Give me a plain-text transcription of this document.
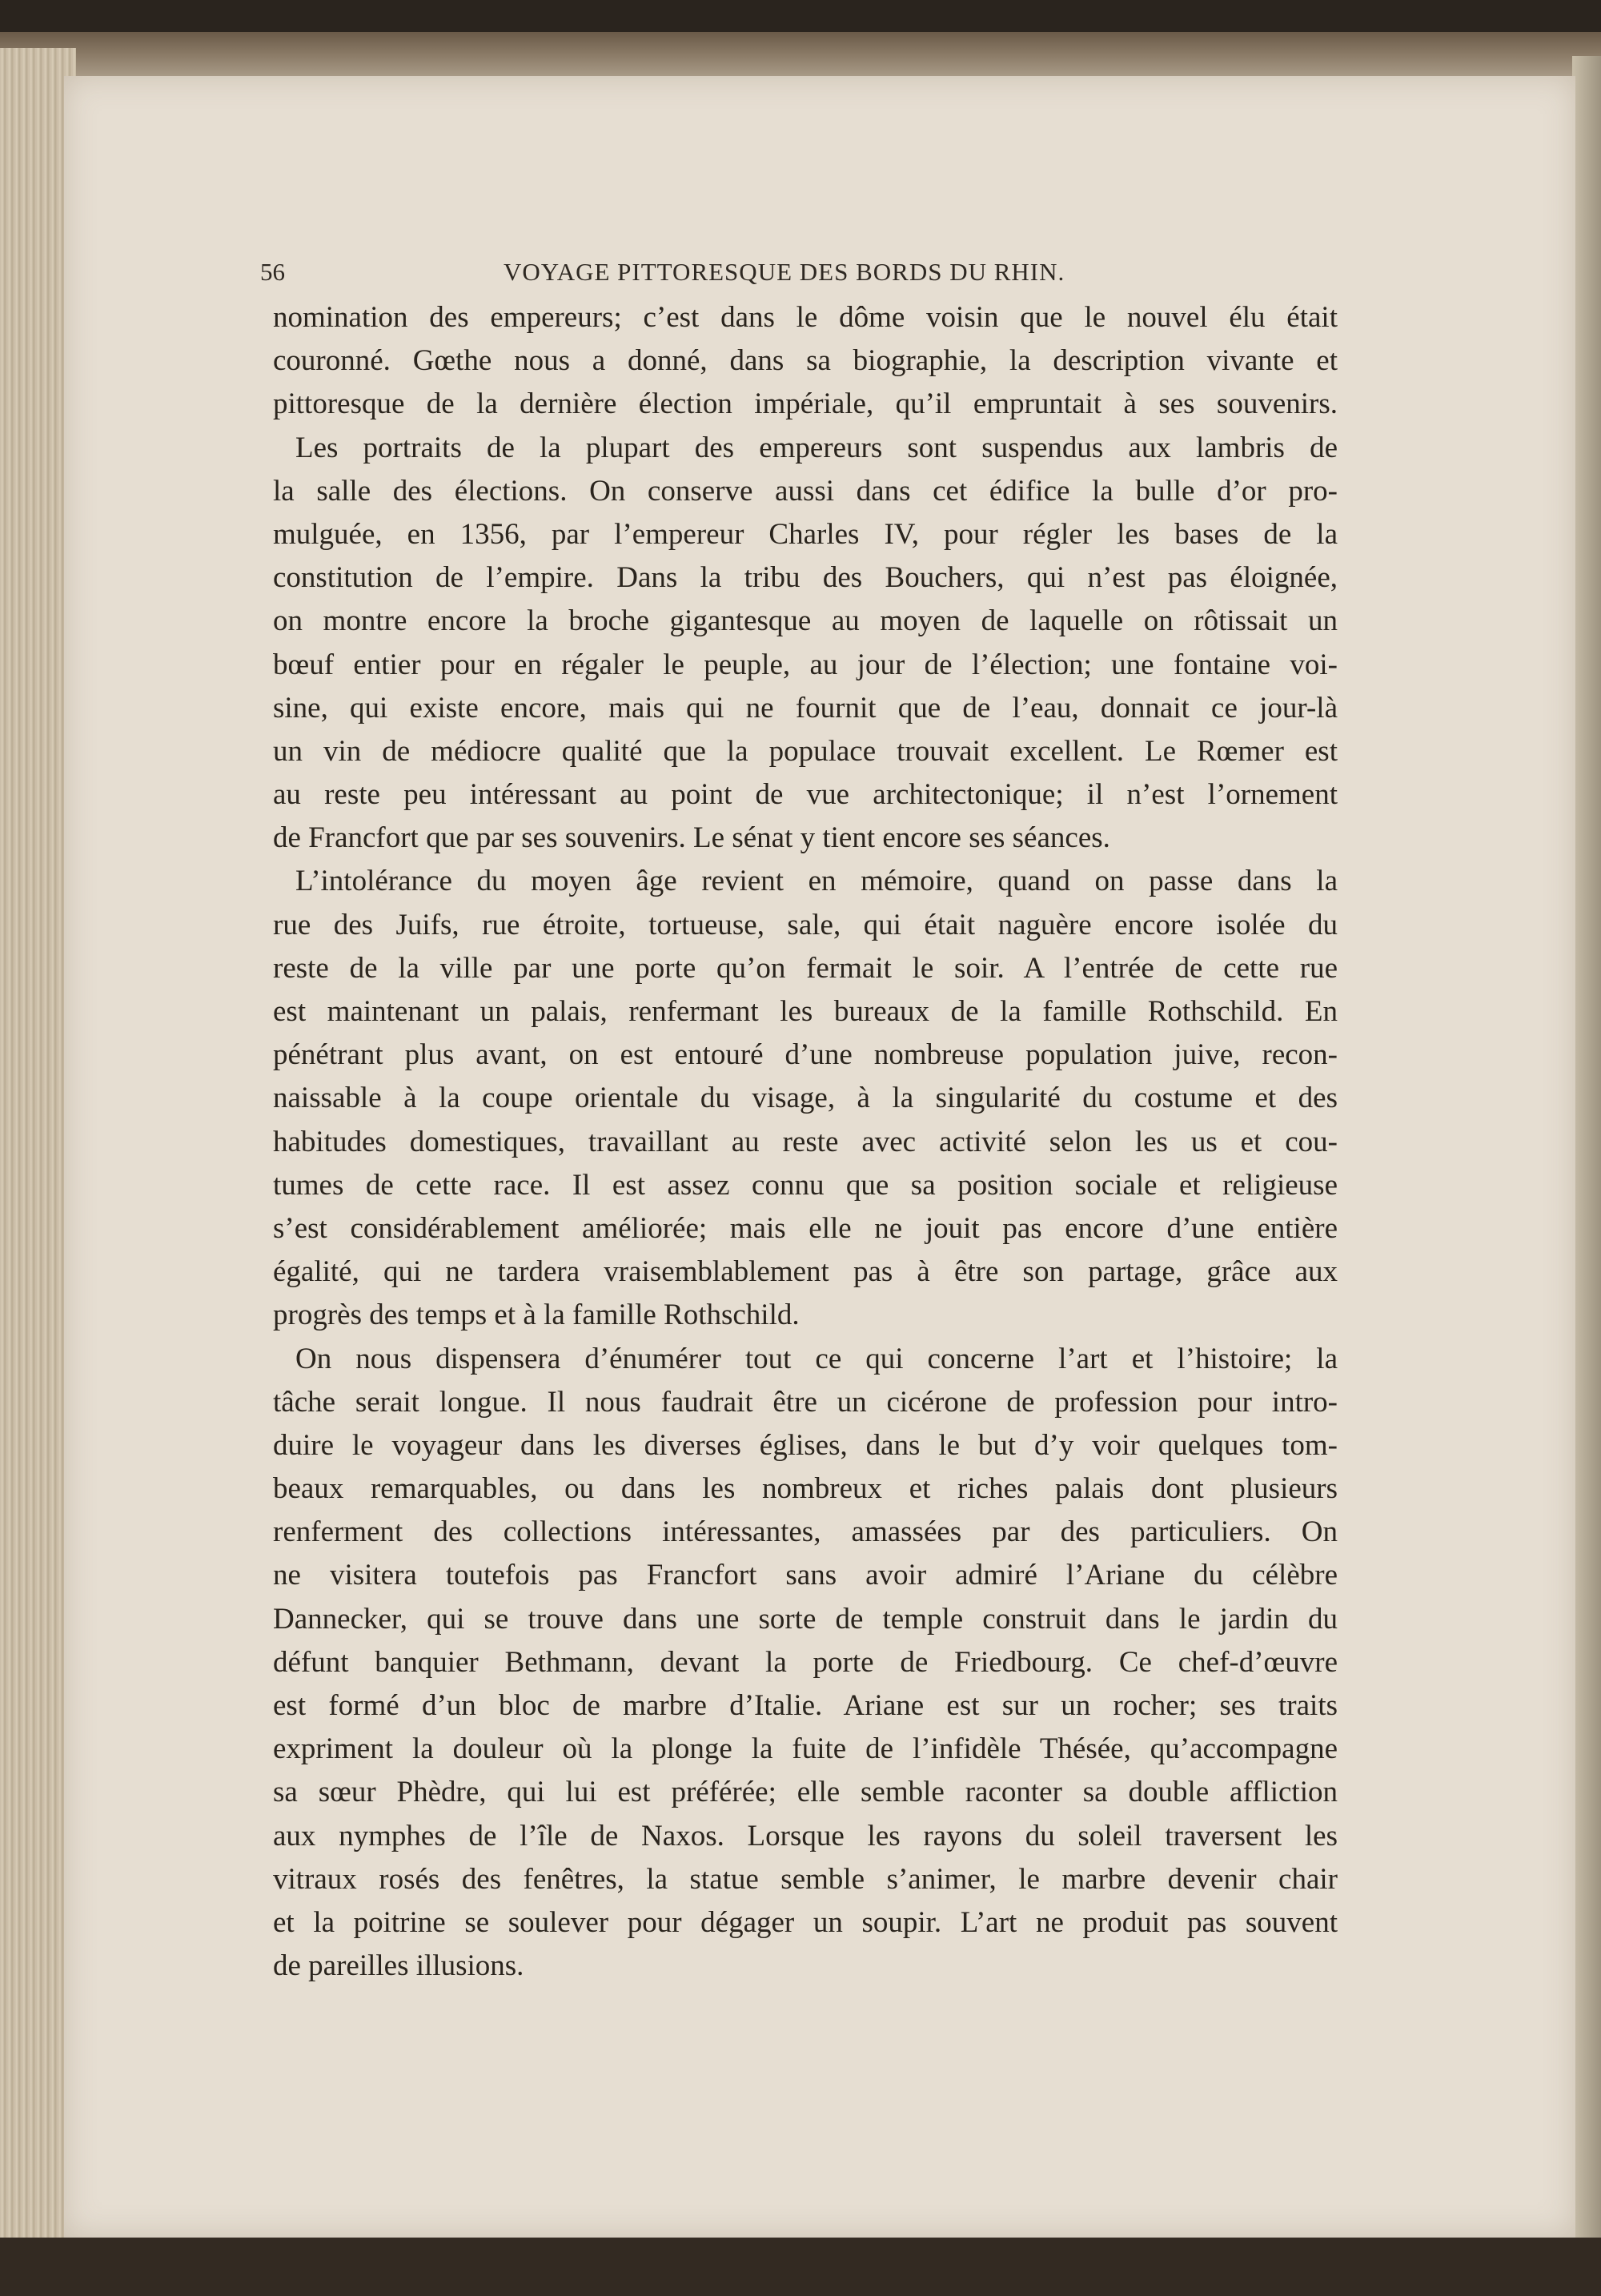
56	VOYAGE PITTORESQUE DES BORDS DU RHIN.
nomination des empereurs; c’est dans le dôme voisin que le nouvel élu était
couronné. Gœthe nous a donné, dans sa biographie, la description vivante et
pittoresque de la dernière élection impériale, qu’il empruntait à ses souvenirs.
Les portraits de la plupart des empereurs sont suspendus aux lambris de
la salle des élections. On conserve aussi dans cet édifice la bulle d’or pro-
mulguée, en 1356, par l’empereur Charles IV, pour régler les bases de la
constitution de l’empire. Dans la tribu des Bouchers, qui n’est pas éloignée,
on montre encore la broche gigantesque au moyen de laquelle on rôtissait un
bœuf entier pour en régaler le peuple, au jour de l’élection; une fontaine voi-
sine, qui existe encore, mais qui ne fournit que de l’eau, donnait ce jour-là
un vin de médiocre qualité que la populace trouvait excellent. Le Rœmer est
au reste peu intéressant au point de vue architectonique; il n’est l’ornement
de Francfort que par ses souvenirs. Le sénat y tient encore ses séances.
L’intolérance du moyen âge revient en mémoire, quand on passe dans la
rue des Juifs, rue étroite, tortueuse, sale, qui était naguère encore isolée du
reste de la ville par une porte qu’on fermait le soir. A l’entrée de cette rue
est maintenant un palais, renfermant les bureaux de la famille Rothschild. En
pénétrant plus avant, on est entouré d’une nombreuse population juive, recon-
naissable à la coupe orientale du visage, à la singularité du costume et des
habitudes domestiques, travaillant au reste avec activité selon les us et cou-
tumes de cette race. Il est assez connu que sa position sociale et religieuse
s’est considérablement améliorée; mais elle ne jouit pas encore d’une entière
égalité, qui ne tardera vraisemblablement pas à être son partage, grâce aux
progrès des temps et à la famille Rothschild.
On nous dispensera d’énumérer tout ce qui concerne l’art et l’histoire; la
tâche serait longue. Il nous faudrait être un cicérone de profession pour intro-
duire le voyageur dans les diverses églises, dans le but d’y voir quelques tom-
beaux remarquables, ou dans les nombreux et riches palais dont plusieurs
renferment des collections intéressantes, amassées par des particuliers. On
ne visitera toutefois pas Francfort sans avoir admiré l’Ariane du célèbre
Dannecker, qui se trouve dans une sorte de temple construit dans le jardin du
défunt banquier Bethmann, devant la porte de Friedbourg. Ce chef-d’œuvre
est formé d’un bloc de marbre d’Italie. Ariane est sur un rocher; ses traits
expriment la douleur où la plonge la fuite de l’infidèle Thésée, qu’accompagne
sa sœur Phèdre, qui lui est préférée; elle semble raconter sa double affliction
aux nymphes de l’île de Naxos. Lorsque les rayons du soleil traversent les
vitraux rosés des fenêtres, la statue semble s’animer, le marbre devenir chair
et la poitrine se soulever pour dégager un soupir. L’art ne produit pas souvent
de pareilles illusions.
